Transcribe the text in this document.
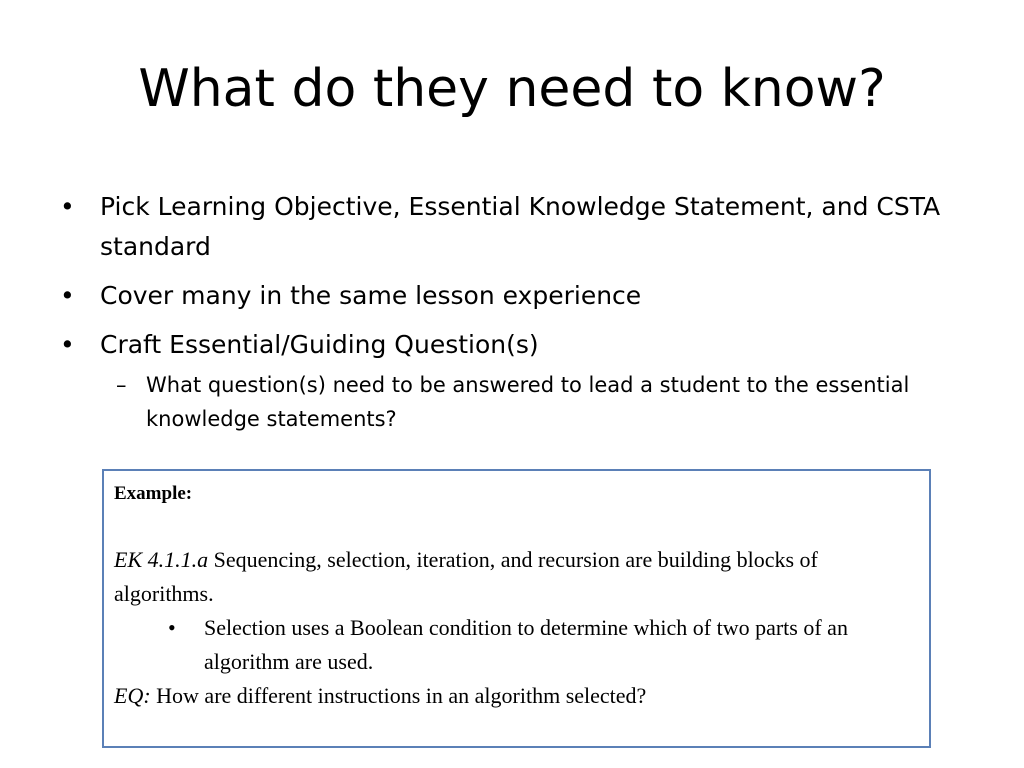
What do they need to know?
• Pick Learning Objective, Essential Knowledge Statement, and CSTA standard
• Cover many in the same lesson experience
• Craft Essential/Guiding Question(s)
– What question(s) need to be answered to lead a student to the essential knowledge statements?
Example:

EK 4.1.1.a Sequencing, selection, iteration, and recursion are building blocks of algorithms.

• Selection uses a Boolean condition to determine which of two parts of an algorithm are used.

EQ: How are different instructions in an algorithm selected?
